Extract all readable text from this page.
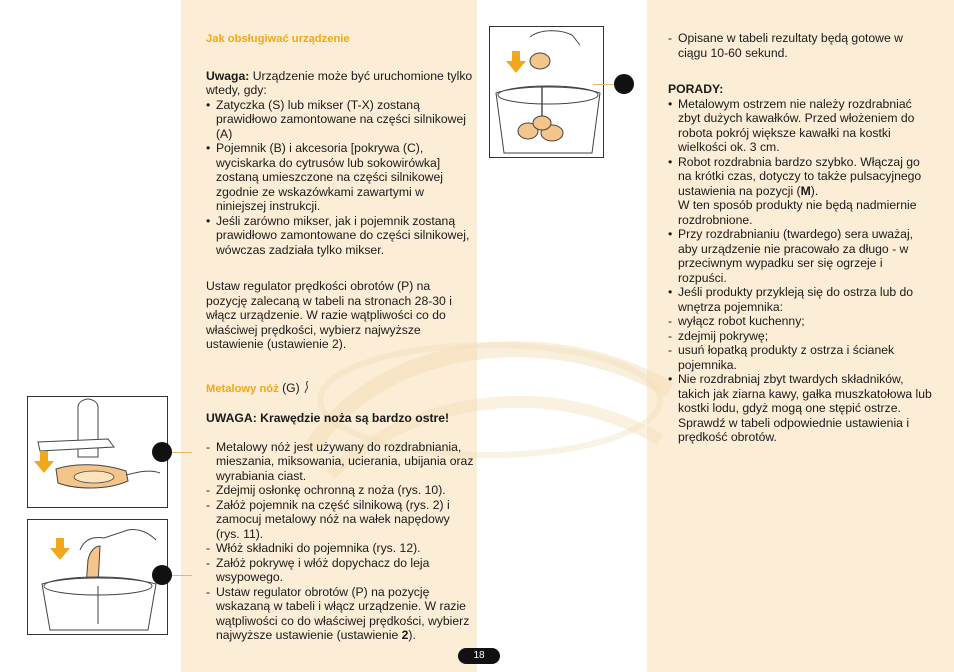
Jak obsługiwać urządzenie

Uwaga: Urządzenie może być uruchomione tylko wtedy, gdy:

• Zatyczka (S) lub mikser (T-X) zostaną prawidłowo zamontowane na części silnikowej (A)
• Pojemnik (B) i akcesoria [pokrywa (C), wyciskarka do cytrusów lub sokowirówka] zostaną umieszczone na części silnikowej zgodnie ze wskazówkami zawartymi w niniejszej instrukcji.
• Jeśli zarówno mikser, jak i pojemnik zostaną prawidłowo zamontowane do części silnikowej, wówczas zadziała tylko mikser.

Ustaw regulator prędkości obrotów (P) na pozycję zalecaną w tabeli na stronach 28-30 i włącz urządzenie. W razie wątpliwości co do właściwej prędkości, wybierz najwyższe ustawienie (ustawienie 2).

Metalowy nóż (G)

UWAGA: Krawędzie noża są bardzo ostre!

- Metalowy nóż jest używany do rozdrabniania, mieszania, miksowania, ucierania, ubijania oraz wyrabiania ciast.
- Zdejmij osłonkę ochronną z noża (rys. 10).
- Załóż pojemnik na część silnikową (rys. 2) i zamocuj metalowy nóż na wałek napędowy (rys. 11).
- Włóż składniki do pojemnika (rys. 12).
- Załóż pokrywę i włóż dopychacz do leja wsypowego.
- Ustaw regulator obrotów (P) na pozycję wskazaną w tabeli i włącz urządzenie. W razie wątpliwości co do właściwej prędkości, wybierz najwyższe ustawienie (ustawienie 2).
- Opisane w tabeli rezultaty będą gotowe w ciągu 10-60 sekund.

PORADY:

• Metalowym ostrzem nie należy rozdrabniać zbyt dużych kawałków. Przed włożeniem do robota pokrój większe kawałki na kostki wielkości ok. 3 cm.
• Robot rozdrabnia bardzo szybko. Włączaj go na krótki czas, dotyczy to także pulsacyjnego ustawienia na pozycji (M).
W ten sposób produkty nie będą nadmiernie rozdrobnione.
• Przy rozdrabnianiu (twardego) sera uważaj, aby urządzenie nie pracowało za długo - w przeciwnym wypadku ser się ogrzeje i rozpuści.
• Jeśli produkty przykleją się do ostrza lub do wnętrza pojemnika:
- wyłącz robot kuchenny;
- zdejmij pokrywę;
- usuń łopatką produkty z ostrza i ścianek pojemnika.
• Nie rozdrabniaj zbyt twardych składników, takich jak ziarna kawy, gałka muszkatołowa lub kostki lodu, gdyż mogą one stępić ostrze. Sprawdź w tabeli odpowiednie ustawienia i prędkość obrotów.
18
